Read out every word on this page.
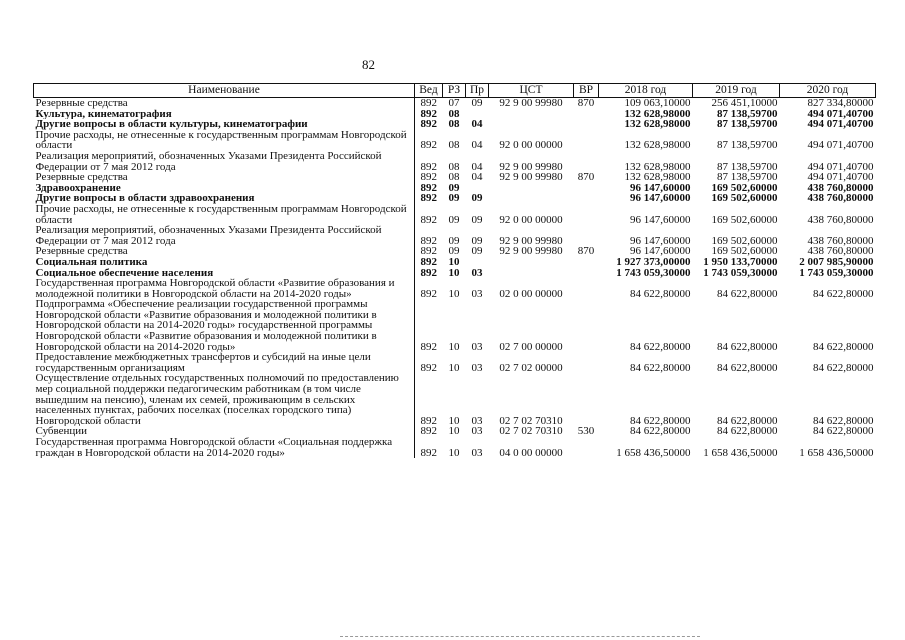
82
Наименование	Вед	РЗ	Пр	ЦСТ	ВР	2018 год	2019 год	2020 год
Резервные средства	892	07	09	92 9 00 99980	870	109 063,10000	256 451,10000	827 334,80000
Культура, кинематография	892	08				132 628,98000	87 138,59700	494 071,40700
Другие вопросы в области культуры, кинематографии	892	08	04			132 628,98000	87 138,59700	494 071,40700
Прочие расходы, не отнесенные к государственным программам Новгородской области	892	08	04	92 0 00 00000		132 628,98000	87 138,59700	494 071,40700
Реализация мероприятий, обозначенных Указами Президента Российской Федерации от 7 мая 2012 года	892	08	04	92 9 00 99980		132 628,98000	87 138,59700	494 071,40700
Резервные средства	892	08	04	92 9 00 99980	870	132 628,98000	87 138,59700	494 071,40700
Здравоохранение	892	09				96 147,60000	169 502,60000	438 760,80000
Другие вопросы в области здравоохранения	892	09	09			96 147,60000	169 502,60000	438 760,80000
Прочие расходы, не отнесенные к государственным программам Новгородской области	892	09	09	92 0 00 00000		96 147,60000	169 502,60000	438 760,80000
Реализация мероприятий, обозначенных Указами Президента Российской Федерации от 7 мая 2012 года	892	09	09	92 9 00 99980		96 147,60000	169 502,60000	438 760,80000
Резервные средства	892	09	09	92 9 00 99980	870	96 147,60000	169 502,60000	438 760,80000
Социальная политика	892	10				1 927 373,00000	1 950 133,70000	2 007 985,90000
Социальное обеспечение населения	892	10	03			1 743 059,30000	1 743 059,30000	1 743 059,30000
Государственная программа Новгородской области «Развитие образования и молодежной политики в Новгородской области на 2014-2020 годы»	892	10	03	02 0 00 00000		84 622,80000	84 622,80000	84 622,80000
Подпрограмма «Обеспечение реализации государственной программы Новгородской области «Развитие образования и молодежной политики в Новгородской области на 2014-2020 годы» государственной программы Новгородской области «Развитие образования и молодежной политики в Новгородской области на 2014-2020 годы»	892	10	03	02 7 00 00000		84 622,80000	84 622,80000	84 622,80000
Предоставление межбюджетных трансфертов и субсидий на иные цели государственным организациям	892	10	03	02 7 02 00000		84 622,80000	84 622,80000	84 622,80000
Осуществление отдельных государственных полномочий по предоставлению мер социальной поддержки педагогическим работникам (в том числе вышедшим на пенсию), членам их семей, проживающим в сельских населенных пунктах, рабочих поселках (поселках городского типа) Новгородской области	892	10	03	02 7 02 70310		84 622,80000	84 622,80000	84 622,80000
Субвенции	892	10	03	02 7 02 70310	530	84 622,80000	84 622,80000	84 622,80000
Государственная программа Новгородской области «Социальная поддержка граждан в Новгородской области на 2014-2020 годы»	892	10	03	04 0 00 00000		1 658 436,50000	1 658 436,50000	1 658 436,50000
